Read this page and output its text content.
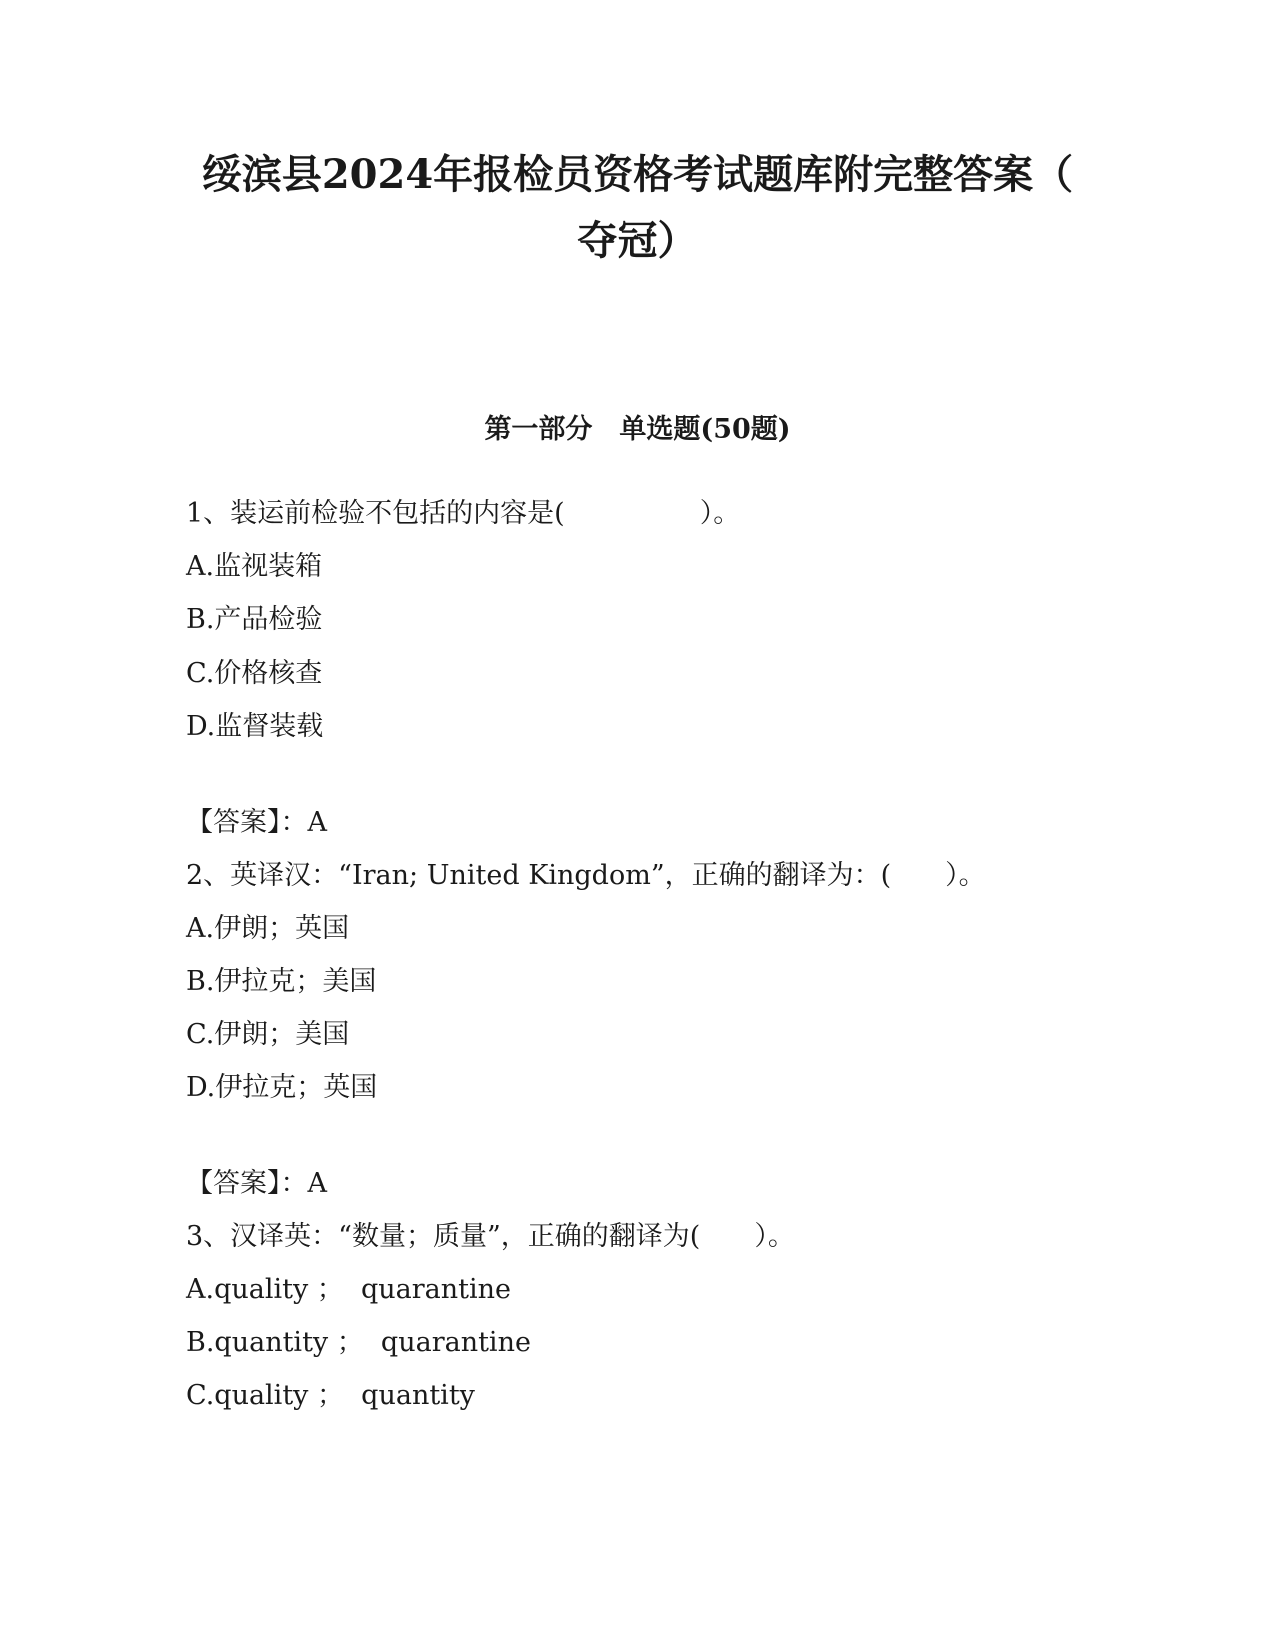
绥滨县2024年报检员资格考试题库附完整答案（
夺冠）
第一部分　单选题(50题)

1、装运前检验不包括的内容是(　　　　　）。

A.监视装箱

B.产品检验

C.价格核查

D.监督装载

【答案】：A

2、英译汉：“Iran; United Kingdom”，正确的翻译为：(　　）。

A.伊朗；英国

B.伊拉克；美国

C.伊朗；美国

D.伊拉克；英国

【答案】：A

3、汉译英：“数量；质量”，正确的翻译为(　　）。

A.quality ；  quarantine

B.quantity ；  quarantine

C.quality ；  quantity
